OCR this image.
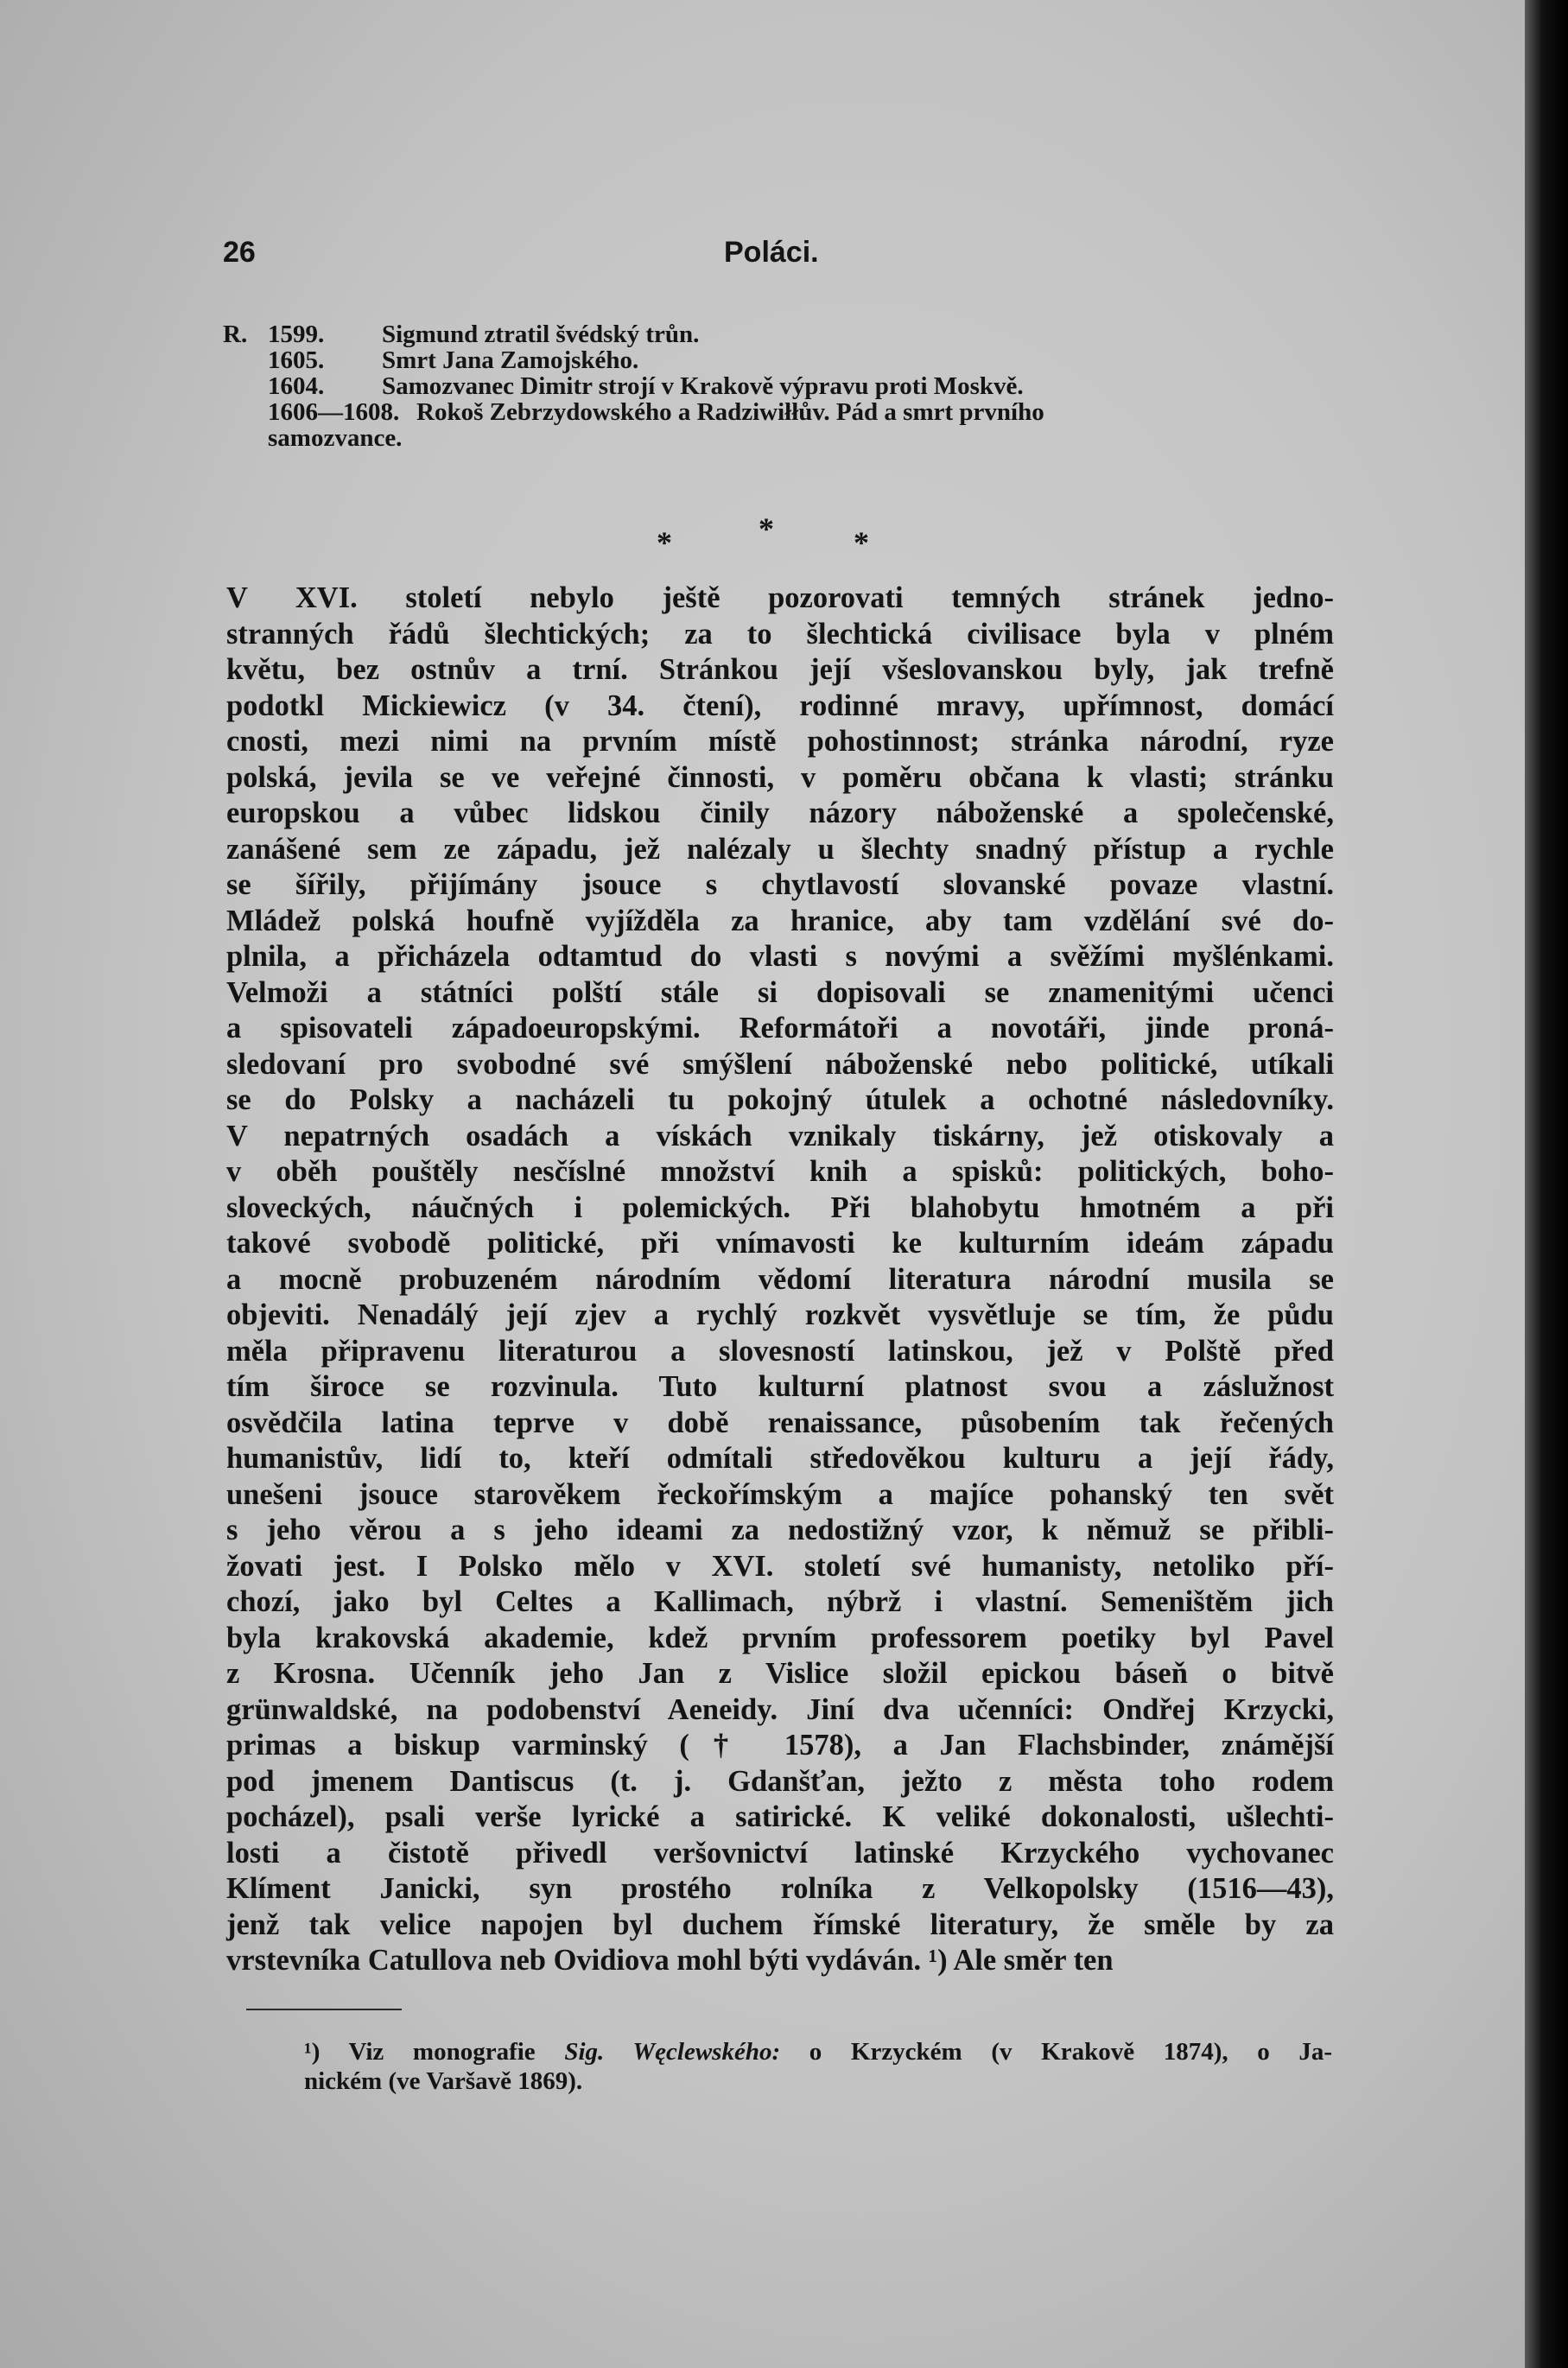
26	Poláci.
R. 1599.	Sigmund ztratil švédský trůn.
1605.	Smrt Jana Zamojského.
1604.	Samozvanec Dimitr strojí v Krakově výpravu proti Moskvě.
1606—1608. Rokoš Zebrzydowského a Radziwiłłův. Pád a smrt prvního
samozvance.
*	*	*
V XVI. století nebylo ještě pozorovati temných stránek jedno-
stranných řádů šlechtických; za to šlechtická civilisace byla v plném
květu, bez ostnův a trní. Stránkou její všeslovanskou byly, jak trefně
podotkl Mickiewicz (v 34. čtení), rodinné mravy, upřímnost, domácí
cnosti, mezi nimi na prvním místě pohostinnost; stránka národní, ryze
polská, jevila se ve veřejné činnosti, v poměru občana k vlasti; stránku
europskou a vůbec lidskou činily názory náboženské a společenské,
zanášené sem ze západu, jež nalézaly u šlechty snadný přístup a rychle
se šířily, přijímány jsouce s chytlavostí slovanské povaze vlastní.
Mládež polská houfně vyjížděla za hranice, aby tam vzdělání své do-
plnila, a přicházela odtamtud do vlasti s novými a svěžími myšlénkami.
Velmoži a státníci polští stále si dopisovali se znamenitými učenci
a spisovateli západoeuropskými. Reformátoři a novotáři, jinde proná-
sledovaní pro svobodné své smýšlení náboženské nebo politické, utíkali
se do Polsky a nacházeli tu pokojný útulek a ochotné následovníky.
V nepatrných osadách a vískách vznikaly tiskárny, jež otiskovaly a
v oběh pouštěly nesčíslné množství knih a spisků: politických, boho-
sloveckých, náučných i polemických. Při blahobytu hmotném a při
takové svobodě politické, při vnímavosti ke kulturním ideám západu
a mocně probuzeném národním vědomí literatura národní musila se
objeviti. Nenadálý její zjev a rychlý rozkvět vysvětluje se tím, že půdu
měla připravenu literaturou a slovesností latinskou, jež v Polště před
tím široce se rozvinula. Tuto kulturní platnost svou a záslužnost
osvědčila latina teprve v době renaissance, působením tak řečených
humanistův, lidí to, kteří odmítali středověkou kulturu a její řády,
unešeni jsouce starověkem řeckořímským a majíce pohanský ten svět
s jeho věrou a s jeho ideami za nedostižný vzor, k němuž se přibli-
žovati jest. I Polsko mělo v XVI. století své humanisty, netoliko pří-
chozí, jako byl Celtes a Kallimach, nýbrž i vlastní. Semeništěm jich
byla krakovská akademie, kdež prvním professorem poetiky byl Pavel
z Krosna. Učenník jeho Jan z Vislice složil epickou báseň o bitvě
grünwaldské, na podobenství Aeneidy. Jiní dva učenníci: Ondřej Krzycki,
primas a biskup varminský († 1578), a Jan Flachsbinder, známější
pod jmenem Dantiscus (t. j. Gdanšťan, ježto z města toho rodem
pocházel), psali verše lyrické a satirické. K veliké dokonalosti, ušlechti-
losti a čistotě přivedl veršovnictví latinské Krzyckého vychovanec
Klíment Janicki, syn prostého rolníka z Velkopolsky (1516—43),
jenž tak velice napojen byl duchem římské literatury, že směle by za
vrstevníka Catullova neb Ovidiova mohl býti vydáván. ¹) Ale směr ten
¹) Viz monografie Sig. Węclewského: o Krzyckém (v Krakově 1874), o Ja-
nickém (ve Varšavě 1869).
